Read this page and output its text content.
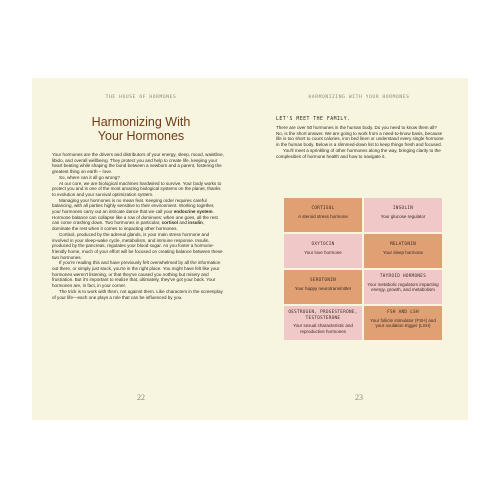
THE HOUSE OF HORMONES
Harmonizing With
Your Hormones

Your hormones are the drivers and distributors of your energy, sleep, mood, waistline, libido, and overall wellbeing. They protect you and help to create life, keeping your heart beating while shaping the bond between a newborn and a parent, fostering the greatest thing on earth – love.

So, where can it all go wrong?

At our core, we are biological machines hardwired to survive. Your body works to protect you and is one of the most amazing biological systems on the planet, thanks to evolution and your survival optimization system.

Managing your hormones is no mean feat. Keeping order requires careful balancing, with all parties highly sensitive to their environment. Working together, your hormones carry out an intricate dance that we call your endocrine system. Hormone balance can collapse like a row of dominoes; when one goes, all the rest can come crashing down. Two hormones in particular, cortisol and insulin, dominate the rest when it comes to impacting other hormones.

Cortisol, produced by the adrenal glands, is your main stress hormone and involved in your sleep-wake cycle, metabolism, and immune response. Insulin, produced by the pancreas, regulates your blood sugar. As you foster a hormone-friendly home, much of your effort will be focused on creating balance between these two hormones.

If you're reading this and have previously felt overwhelmed by all the information out there, or simply just stuck, you're in the right place. You might have felt like your hormones weren't listening, or that they've caused you nothing but misery and frustration. But it's important to realize that, ultimately, they've got your back. Your hormones are, in fact, in your corner.

The trick is to work with them, not against them. Like characters in the screenplay of your life—each one plays a role that can be influenced by you.

22
HARMONIZING WITH YOUR HORMONES
LET'S MEET THE FAMILY.

There are over 50 hormones in the human body. Do you need to know them all? No, is the short answer. We are going to work from a need-to-know basis, because life is too short to count calories, iron bed linen or understand every single hormone in the human body. Below is a slimmed-down list to keep things fresh and focused.

You'll meet a sprinkling of other hormones along the way, bringing clarity to the complexities of hormone health and how to navigate it.

CORTISOL
A steroid stress hormone
INSULIN
Your glucose regulator
OXYTOCIN
Your love hormone
MELATONIN
Your sleep hormone
SEROTONIN
Your happy neurotransmitter
THYROID HORMONES
Your metabolic regulators impacting energy, growth, and metabolism
OESTROGEN, PROGESTERONE, TESTOSTERONE
Your sexual characteristic and reproductive hormones
FSH AND LSH
Your follicle stimulator (FSH) and your ovulation trigger (LSH)
23
